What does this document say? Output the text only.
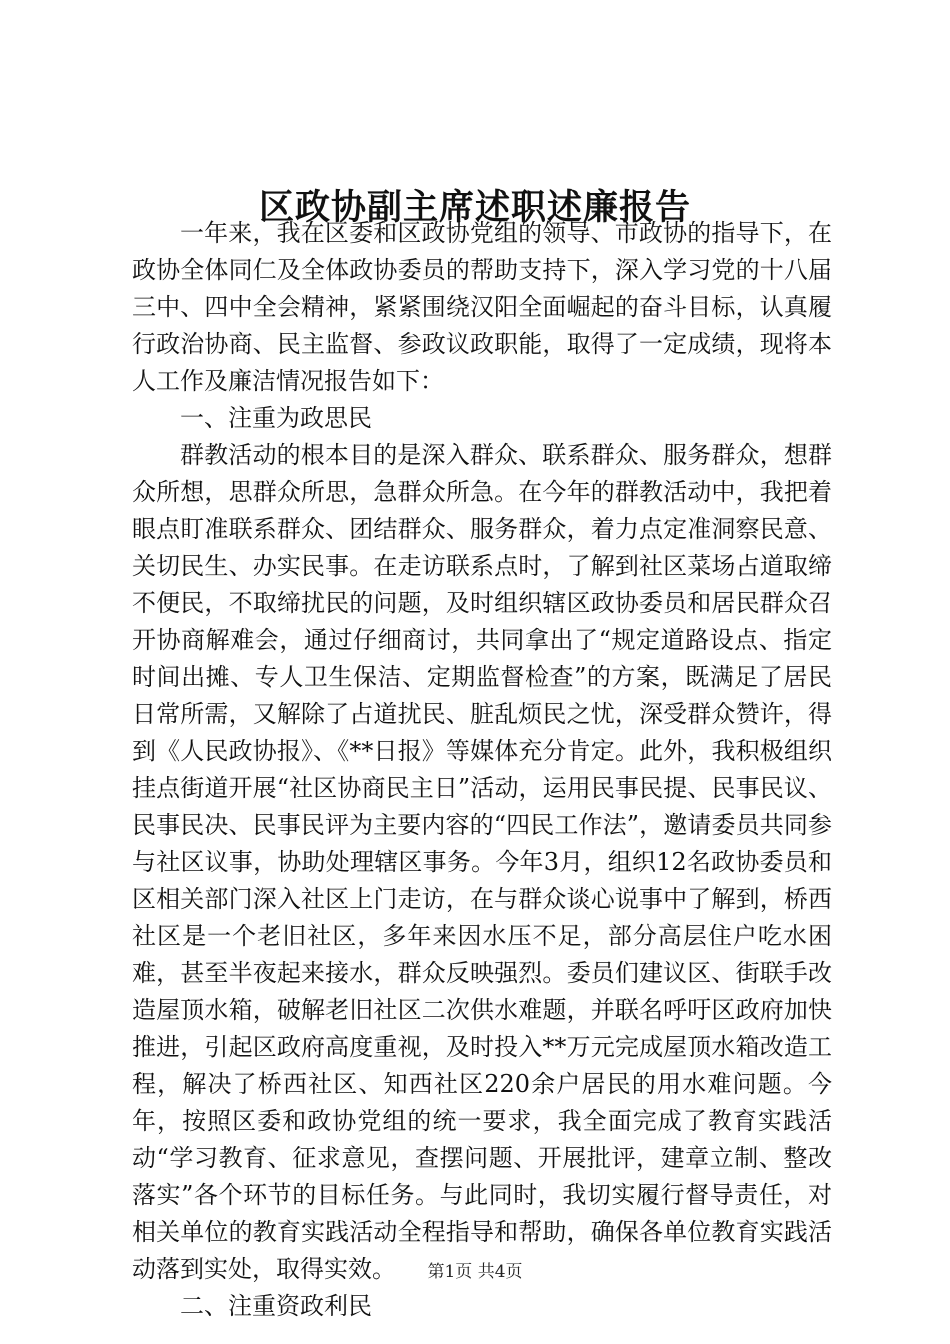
区政协副主席述职述廉报告

一年来，我在区委和区政协党组的领导、市政协的指导下，在政协全体同仁及全体政协委员的帮助支持下，深入学习党的十八届三中、四中全会精神，紧紧围绕汉阳全面崛起的奋斗目标，认真履行政治协商、民主监督、参政议政职能，取得了一定成绩，现将本人工作及廉洁情况报告如下：

一、注重为政思民

群教活动的根本目的是深入群众、联系群众、服务群众，想群众所想，思群众所思，急群众所急。在今年的群教活动中，我把着眼点盯准联系群众、团结群众、服务群众，着力点定准洞察民意、关切民生、办实民事。在走访联系点时，了解到社区菜场占道取缔不便民，不取缔扰民的问题，及时组织辖区政协委员和居民群众召开协商解难会，通过仔细商讨，共同拿出了“规定道路设点、指定时间出摊、专人卫生保洁、定期监督检查”的方案，既满足了居民日常所需，又解除了占道扰民、脏乱烦民之忧，深受群众赞许，得到《人民政协报》、《**日报》等媒体充分肯定。此外，我积极组织挂点街道开展“社区协商民主日”活动，运用民事民提、民事民议、民事民决、民事民评为主要内容的“四民工作法”，邀请委员共同参与社区议事，协助处理辖区事务。今年3月，组织12名政协委员和区相关部门深入社区上门走访，在与群众谈心说事中了解到，桥西社区是一个老旧社区，多年来因水压不足，部分高层住户吃水困难，甚至半夜起来接水，群众反映强烈。委员们建议区、街联手改造屋顶水箱，破解老旧社区二次供水难题，并联名呼吁区政府加快推进，引起区政府高度重视，及时投入**万元完成屋顶水箱改造工程，解决了桥西社区、知西社区220余户居民的用水难问题。今年，按照区委和政协党组的统一要求，我全面完成了教育实践活动“学习教育、征求意见，查摆问题、开展批评，建章立制、整改落实”各个环节的目标任务。与此同时，我切实履行督导责任，对相关单位的教育实践活动全程指导和帮助，确保各单位教育实践活动落到实处，取得实效。

二、注重资政利民

第1页 共4页
